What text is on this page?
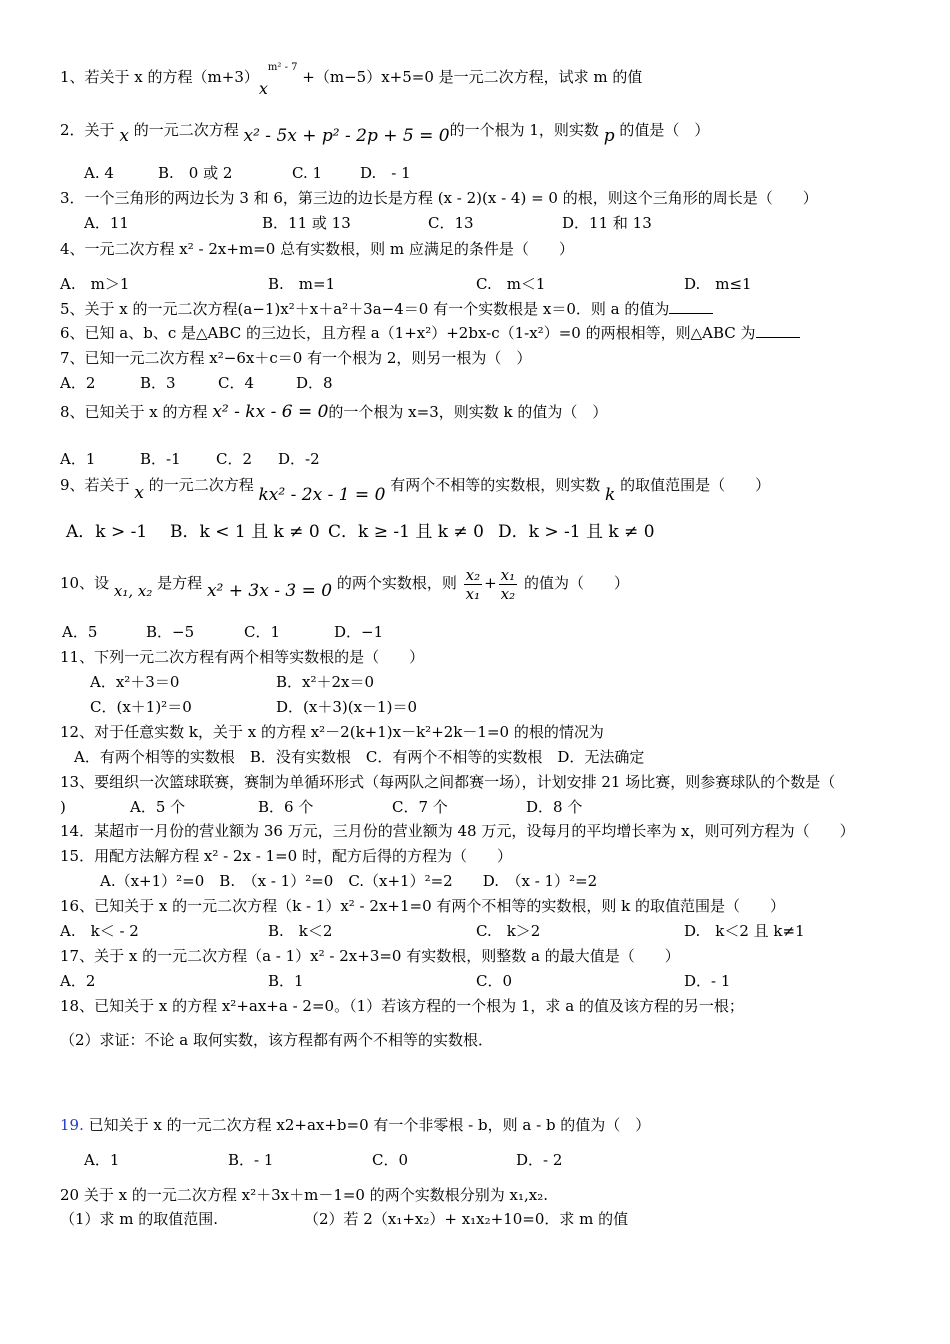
1、若关于 x 的方程$(m+3)x^{m^2 - 7} +(m-5)x+5=0$ 是一元二次方程，试求 m 的值
2．关于 x 的一元二次方程 x² - 5x + p² - 2p + 5 = 0的一个根为 1，则实数 p 的值是（　）
A. 4	B.　0 或 2	C. 1	D.　- 1
3．一个三角形的两边长为 3 和 6，第三边的边长是方程 (x - 2)(x - 4) = 0 的根，则这个三角形的周长是（　　）
A．11	B．11 或 13	C．13	D．11 和 13
4、一元二次方程 x² - 2x+m=0 总有实数根，则 m 应满足的条件是（　　）
A.　m＞1	B.　m=1	C.　m＜1	D.　m≤1
5、关于 x 的一元二次方程(a−1)x²＋x＋a²＋3a−4＝0 有一个实数根是 x＝0．则 a 的值为
6、已知 a、b、c 是△ABC 的三边长，且方程 a（1+x²）+2bx-c（1-x²）=0 的两根相等，则△ABC 为
7、已知一元二次方程 x²−6x＋c＝0 有一个根为 2，则另一根为（　）
A．2	B．3	C．4	D．8
8、已知关于 x 的方程 x² - kx - 6 = 0的一个根为 x=3，则实数 k 的值为（　）
A．1	B．-1 C．2 D．-2
9、若关于 x 的一元二次方程 kx² - 2x - 1 = 0 有两个不相等的实数根，则实数 k 的取值范围是（　　）
A．k > -1 B．k < 1 且 k ≠ 0 C．k ≥ -1 且 k ≠ 0 D．k > -1 且 k ≠ 0
10、设 x₁, x₂ 是方程 x² + 3x - 3 = 0 的两个实数根，则 $\frac{\text{x₂}}{\text{x₁}} + \frac{\text{x₁}}{\text{x₂}}$ 的值为（　　）
A．5	B．−5	C．1	D．−1
11、下列一元二次方程有两个相等实数根的是（　　）
A．x²＋3＝0	B．x²＋2x＝0
C．(x＋1)²＝0	D．(x＋3)(x－1)＝0
12、对于任意实数 k，关于 x 的方程 x²－2(k+1)x－k²+2k－1=0 的根的情况为
A．有两个相等的实数根　B．没有实数根　C．有两个不相等的实数根　D．无法确定
13、要组织一次篮球联赛，赛制为单循环形式（每两队之间都赛一场），计划安排 21 场比赛，则参赛球队的个数是（
)	A．5 个	B．6 个	C．7 个	D．8 个
14．某超市一月份的营业额为 36 万元，三月份的营业额为 48 万元，设每月的平均增长率为 x，则可列方程为（　　）
15．用配方法解方程 x² - 2x - 1=0 时，配方后得的方程为（　　）
A.（x+1）²=0　B.　（x - 1）²=0　C.（x+1）²=2　　D.　（x - 1）²=2
16、已知关于 x 的一元二次方程（k - 1）x² - 2x+1=0 有两个不相等的实数根，则 k 的取值范围是（　　）
A.　k＜ - 2	B.　k＜2	C.　k＞2	D.　k＜2 且 k≠1
17、关于 x 的一元二次方程（a - 1）x² - 2x+3=0 有实数根，则整数 a 的最大值是（　　）
A．2	B．1	C．0	D．- 1
18、已知关于 x 的方程 x²+ax+a - 2=0。（1）若该方程的一个根为 1，求 a 的值及该方程的另一根；
（2）求证：不论 a 取何实数，该方程都有两个不相等的实数根．
19. 已知关于 x 的一元二次方程 x2+ax+b=0 有一个非零根 - b，则 a - b 的值为（　）
A．1	B．- 1	C．0	D．- 2
20 关于 x 的一元二次方程 x²＋3x＋m－1=0 的两个实数根分别为 x₁,x₂.
（1）求 m 的取值范围.	（2）若 2（x₁+x₂）+ x₁x₂+10=0．求 m 的值
